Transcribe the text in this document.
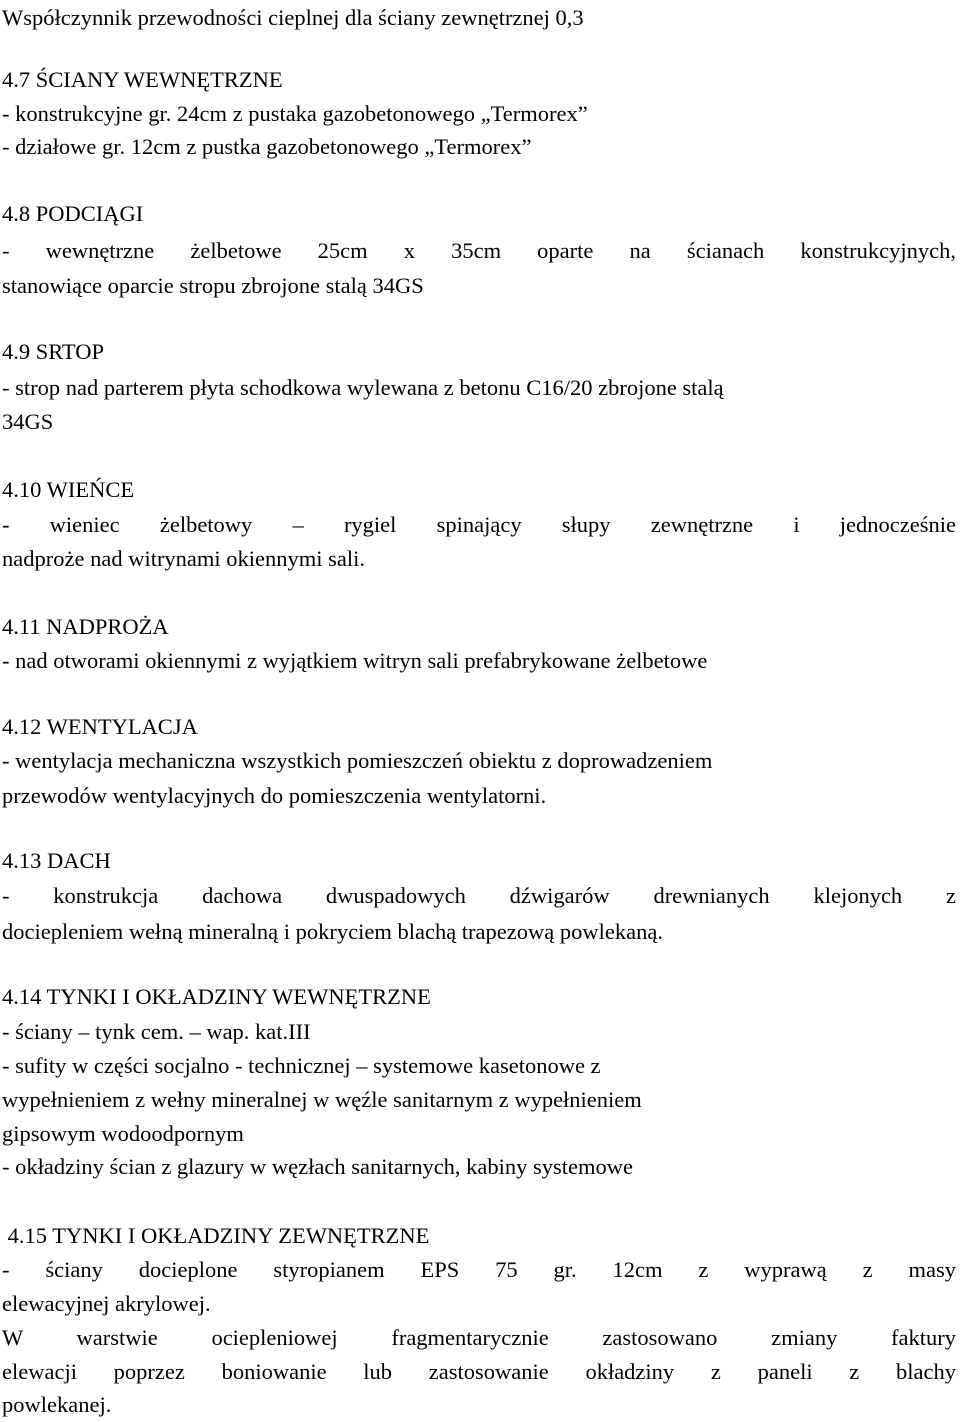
Współczynnik przewodności cieplnej dla ściany zewnętrznej 0,3
4.7 ŚCIANY WEWNĘTRZNE
- konstrukcyjne gr. 24cm z pustaka gazobetonowego „Termorex”
- działowe gr. 12cm z pustka gazobetonowego „Termorex”
4.8 PODCIĄGI
- wewnętrzne żelbetowe 25cm x 35cm oparte na ścianach konstrukcyjnych,
stanowiące oparcie stropu zbrojone stalą 34GS
4.9 SRTOP
- strop nad parterem płyta schodkowa wylewana z betonu C16/20 zbrojone stalą
34GS
4.10 WIEŃCE
- wieniec żelbetowy – rygiel spinający słupy zewnętrzne i jednocześnie
nadproże nad witrynami okiennymi sali.
4.11 NADPROŻA
- nad otworami okiennymi z wyjątkiem witryn sali prefabrykowane żelbetowe
4.12 WENTYLACJA
- wentylacja mechaniczna wszystkich pomieszczeń obiektu z doprowadzeniem
przewodów wentylacyjnych do pomieszczenia wentylatorni.
4.13 DACH
- konstrukcja dachowa dwuspadowych dźwigarów drewnianych klejonych z
dociepleniem wełną mineralną i pokryciem blachą trapezową powlekaną.
4.14 TYNKI I OKŁADZINY WEWNĘTRZNE
- ściany – tynk cem. – wap. kat.III
- sufity w części socjalno - technicznej – systemowe kasetonowe z
wypełnieniem z wełny mineralnej w węźle sanitarnym z wypełnieniem
gipsowym wodoodpornym
- okładziny ścian z glazury w węzłach sanitarnych, kabiny systemowe
4.15 TYNKI I OKŁADZINY ZEWNĘTRZNE
- ściany docieplone styropianem EPS 75 gr. 12cm z wyprawą z masy
elewacyjnej akrylowej.
W warstwie ociepleniowej fragmentarycznie zastosowano zmiany faktury
elewacji poprzez boniowanie lub zastosowanie okładziny z paneli z blachy
powlekanej.
